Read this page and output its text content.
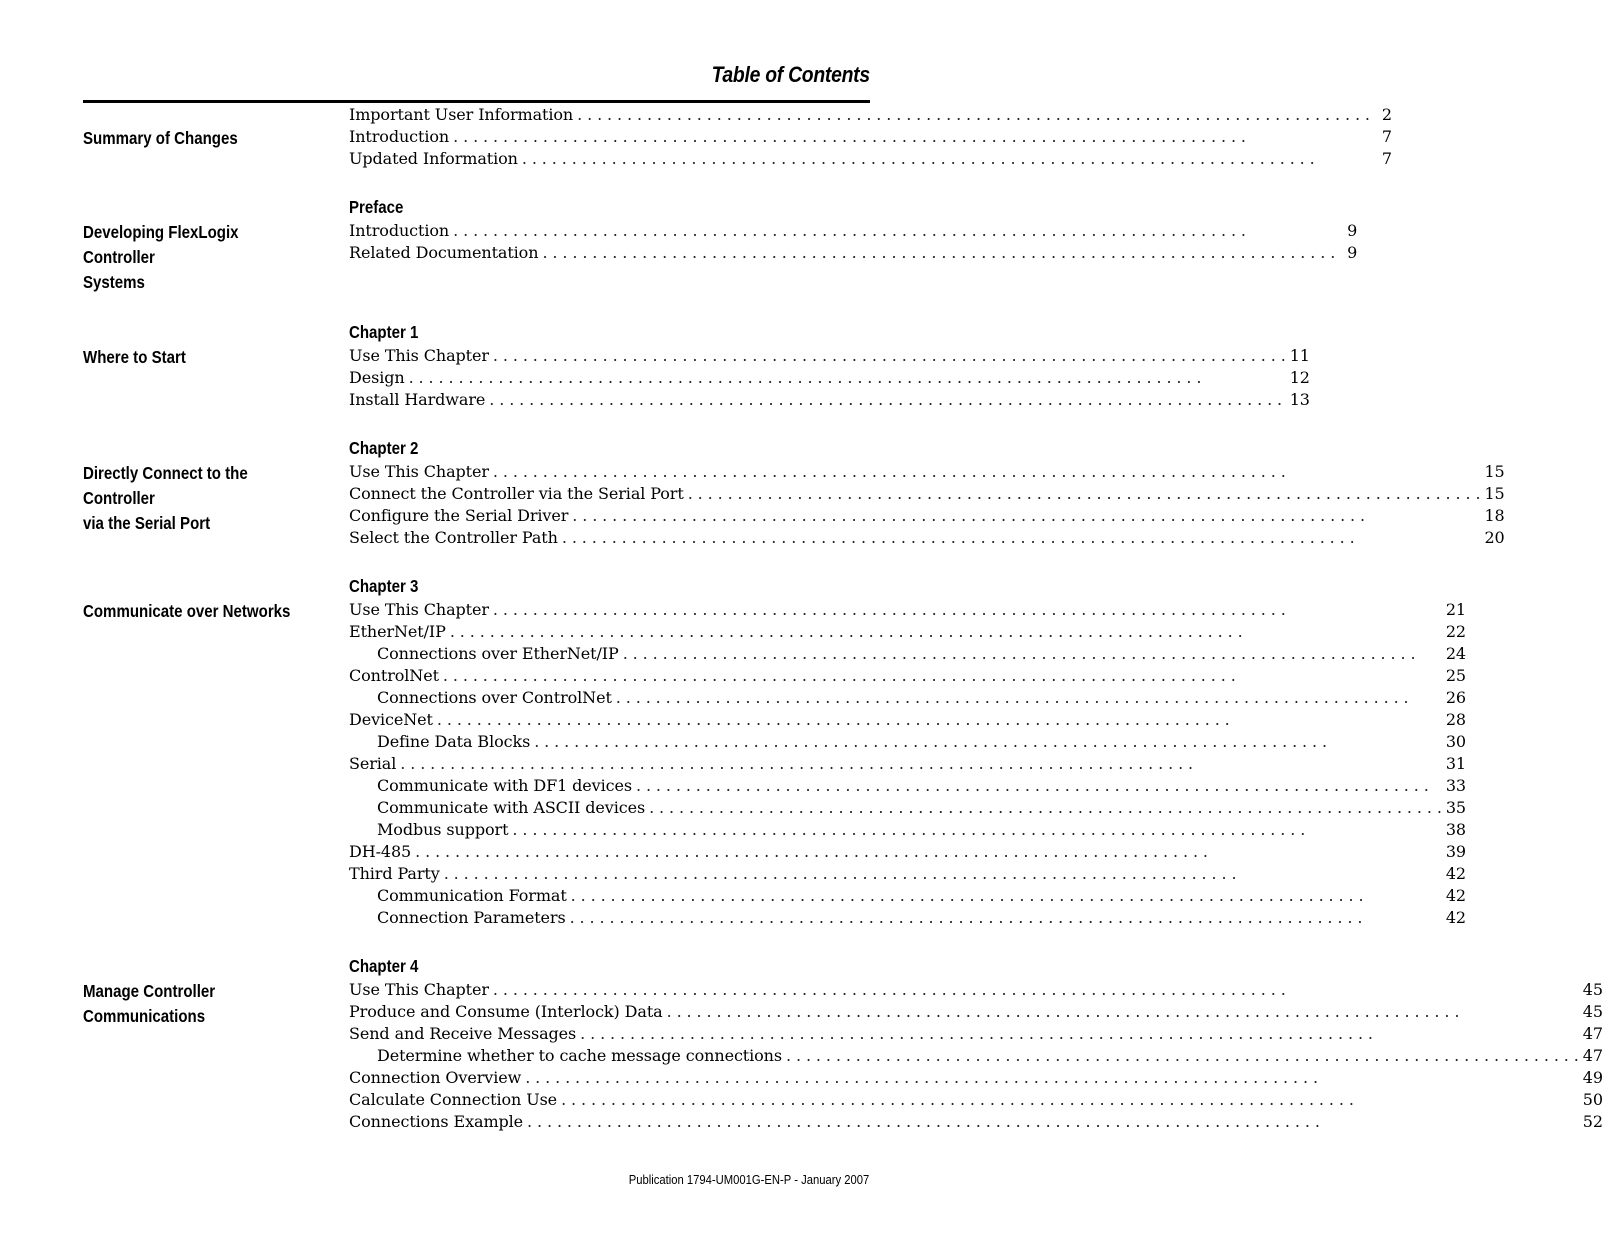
Table of Contents
Summary of Changes
Important User Information . . .	2
Introduction . . .	7
Updated Information . . .	7
Developing FlexLogix Controller
Systems
Preface
Introduction . . .	9
Related Documentation . . .	9
Where to Start
Chapter 1
Use This Chapter . . .	11
Design . . .	12
Install Hardware . . .	13
Directly Connect to the Controller
via the Serial Port
Chapter 2
Use This Chapter . . .	15
Connect the Controller via the Serial Port . . .	15
Configure the Serial Driver . . .	18
Select the Controller Path . . .	20
Communicate over Networks
Chapter 3
Use This Chapter . . .	21
EtherNet/IP . . .	22
Connections over EtherNet/IP . . .	24
ControlNet . . .	25
Connections over ControlNet . . .	26
DeviceNet . . .	28
Define Data Blocks . . .	30
Serial . . .	31
Communicate with DF1 devices . . .	33
Communicate with ASCII devices . . .	35
Modbus support . . .	38
DH-485 . . .	39
Third Party . . .	42
Communication Format . . .	42
Connection Parameters . . .	42
Manage Controller
Communications
Chapter 4
Use This Chapter . . .	45
Produce and Consume (Interlock) Data . . .	45
Send and Receive Messages . . .	47
Determine whether to cache message connections . . .	47
Connection Overview . . .	49
Calculate Connection Use . . .	50
Connections Example . . .	52
Publication 1794-UM001G-EN-P - January 2007
